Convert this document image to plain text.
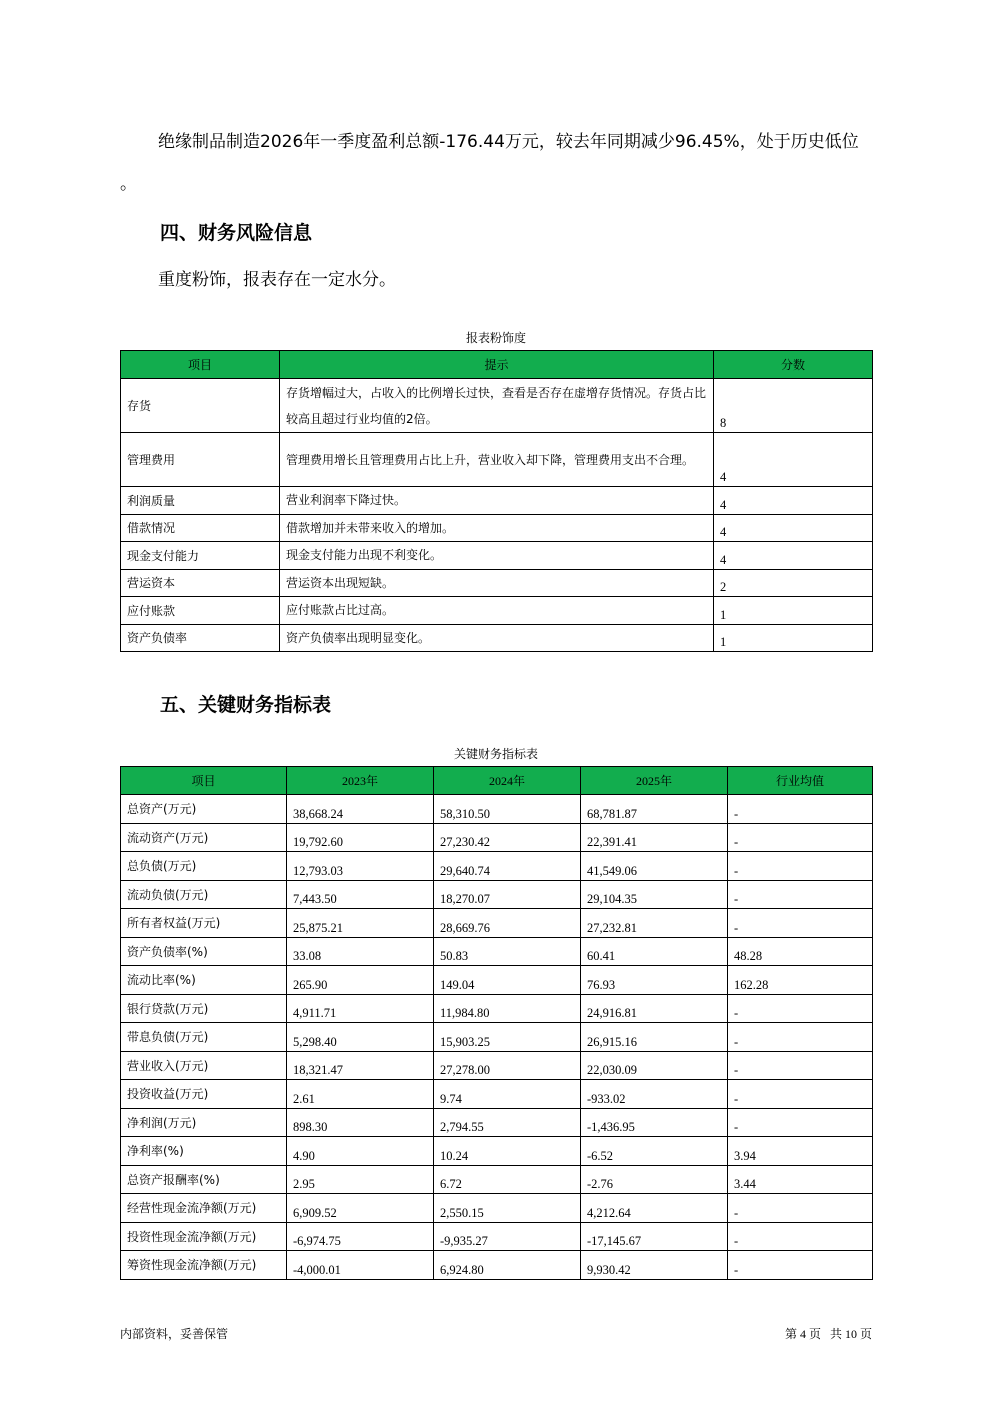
绝缘制品制造2026年一季度盈利总额-176.44万元，较去年同期减少96.45%，处于历史低位
。
四、财务风险信息
重度粉饰，报表存在一定水分。
报表粉饰度
项目	提示	分数
存货	存货增幅过大，占收入的比例增长过快，查看是否存在虚增存货情况。存货占比较高且超过行业均值的2倍。	8
管理费用	管理费用增长且管理费用占比上升，营业收入却下降，管理费用支出不合理。	4
利润质量	营业利润率下降过快。	4
借款情况	借款增加并未带来收入的增加。	4
现金支付能力	现金支付能力出现不利变化。	4
营运资本	营运资本出现短缺。	2
应付账款	应付账款占比过高。	1
资产负债率	资产负债率出现明显变化。	1
五、关键财务指标表
关键财务指标表
项目	2023年	2024年	2025年	行业均值
总资产(万元)	38,668.24	58,310.50	68,781.87	-
流动资产(万元)	19,792.60	27,230.42	22,391.41	-
总负债(万元)	12,793.03	29,640.74	41,549.06	-
流动负债(万元)	7,443.50	18,270.07	29,104.35	-
所有者权益(万元)	25,875.21	28,669.76	27,232.81	-
资产负债率(%)	33.08	50.83	60.41	48.28
流动比率(%)	265.90	149.04	76.93	162.28
银行贷款(万元)	4,911.71	11,984.80	24,916.81	-
带息负债(万元)	5,298.40	15,903.25	26,915.16	-
营业收入(万元)	18,321.47	27,278.00	22,030.09	-
投资收益(万元)	2.61	9.74	-933.02	-
净利润(万元)	898.30	2,794.55	-1,436.95	-
净利率(%)	4.90	10.24	-6.52	3.94
总资产报酬率(%)	2.95	6.72	-2.76	3.44
经营性现金流净额(万元)	6,909.52	2,550.15	4,212.64	-
投资性现金流净额(万元)	-6,974.75	-9,935.27	-17,145.67	-
筹资性现金流净额(万元)	-4,000.01	6,924.80	9,930.42	-
内部资料，妥善保管	第 4 页   共 10 页
